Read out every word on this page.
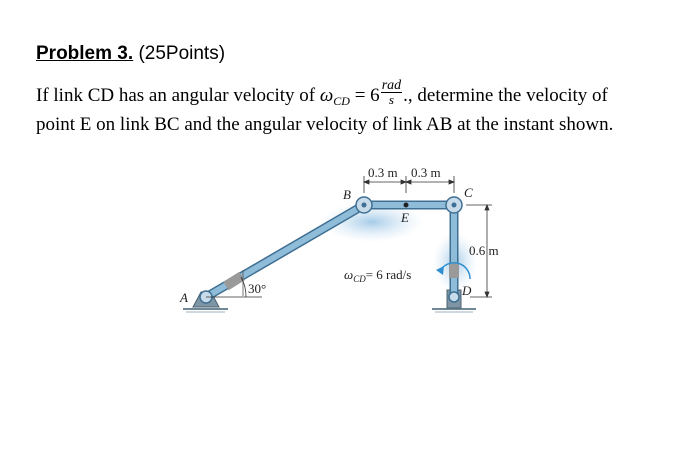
Problem 3. (25Points)
If link CD has an angular velocity of $\omega_{CD} = 6 \frac{\text{rad}}{s}$ ., determine the velocity of
point E on link BC and the angular velocity of link AB at the instant shown.
0.3 m 0.3 m
0.6 m
30°
A
B	C
D
E
ωCD= 6 rad/s
